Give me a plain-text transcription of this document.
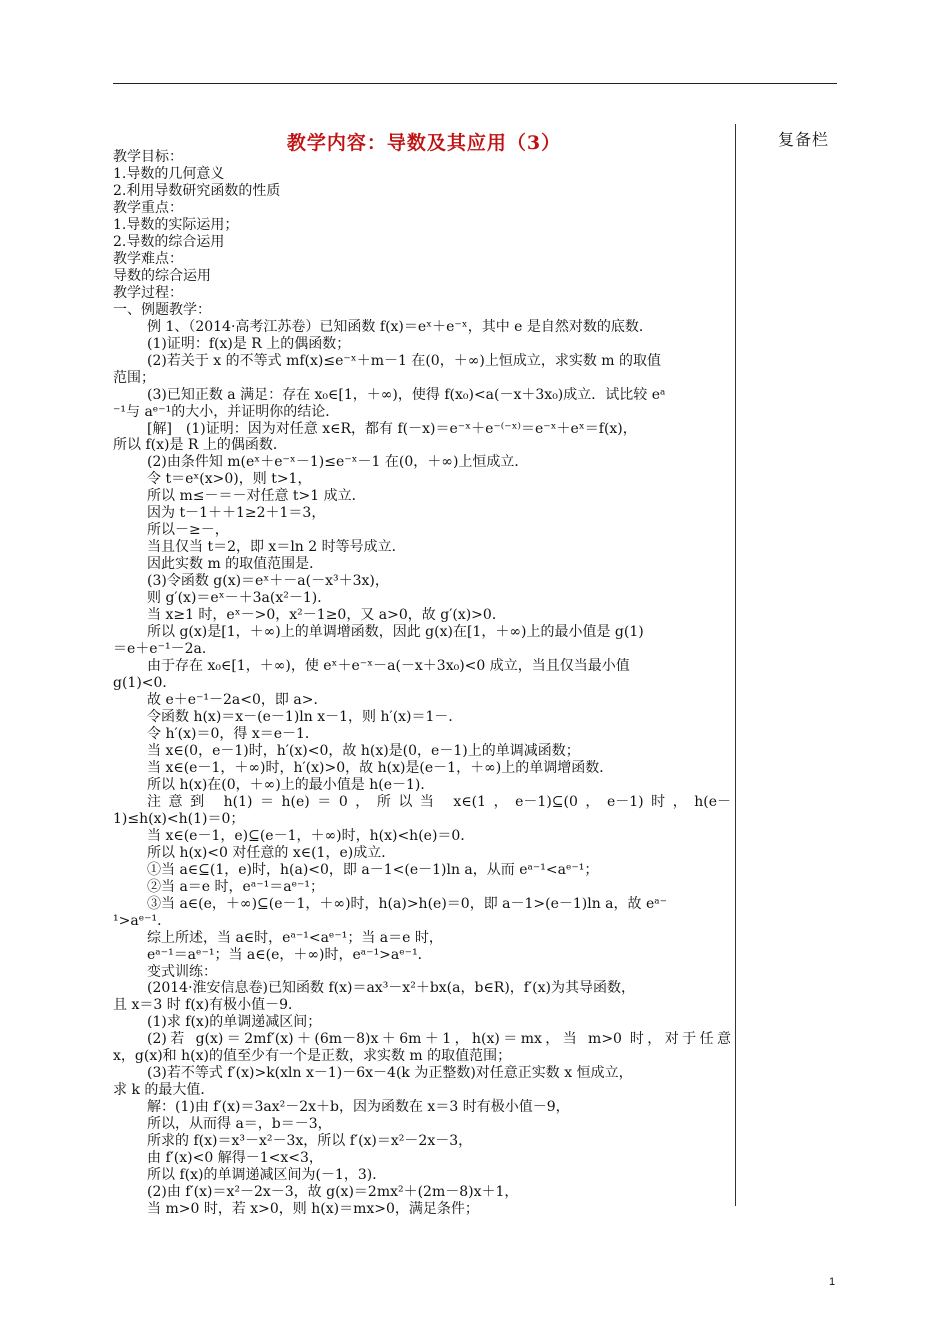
复备栏
教学内容：导数及其应用（3）
教学目标：
1.导数的几何意义
2.利用导数研究函数的性质
教学重点：
1.导数的实际运用；
2.导数的综合运用
教学难点：
导数的综合运用
教学过程：
一、例题教学：
例 1、（2014·高考江苏卷）已知函数 f(x)＝eˣ＋e⁻ˣ，其中 e 是自然对数的底数．
(1)证明：f(x)是 R 上的偶函数；
(2)若关于 x 的不等式 mf(x)≤e⁻ˣ＋m－1 在(0，＋∞)上恒成立，求实数 m 的取值
范围；
(3)已知正数 a 满足：存在 x₀∈[1，＋∞)，使得 f(x₀)<a(－x＋3x₀)成立．试比较 eᵃ
⁻¹与 aᵉ⁻¹的大小，并证明你的结论．
[解]　(1)证明：因为对任意 x∈R，都有 f(－x)＝e⁻ˣ＋e⁻⁽⁻ˣ⁾＝e⁻ˣ＋eˣ＝f(x)，
所以 f(x)是 R 上的偶函数．
(2)由条件知 m(eˣ＋e⁻ˣ－1)≤e⁻ˣ－1 在(0，＋∞)上恒成立．
令 t＝eˣ(x>0)，则 t>1，
所以 m≤－＝－对任意 t>1 成立．
因为 t－1＋＋1≥2＋1＝3，
所以－≥－，
当且仅当 t＝2，即 x＝ln 2 时等号成立．
因此实数 m 的取值范围是．
(3)令函数 g(x)＝eˣ＋－a(－x³＋3x)，
则 g′(x)＝eˣ－＋3a(x²－1)．
当 x≥1 时，eˣ－>0，x²－1≥0，又 a>0，故 g′(x)>0．
所以 g(x)是[1，＋∞)上的单调增函数，因此 g(x)在[1，＋∞)上的最小值是 g(1)
＝e＋e⁻¹－2a．
由于存在 x₀∈[1，＋∞)，使 eˣ＋e⁻ˣ－a(－x＋3x₀)<0 成立，当且仅当最小值
g(1)<0．
故 e＋e⁻¹－2a<0，即 a>．
令函数 h(x)＝x－(e－1)ln x－1，则 h′(x)＝1－．
令 h′(x)＝0，得 x＝e－1．
当 x∈(0，e－1)时，h′(x)<0，故 h(x)是(0，e－1)上的单调减函数；
当 x∈(e－1，＋∞)时，h′(x)>0，故 h(x)是(e－1，＋∞)上的单调增函数．
所以 h(x)在(0，＋∞)上的最小值是 h(e－1)．
注意到 h(1)＝h(e)＝0，所以当 x∈(1，e－1)⊆(0，e－1)时，h(e－
1)≤h(x)<h(1)＝0；
当 x∈(e－1，e)⊆(e－1，＋∞)时，h(x)<h(e)＝0．
所以 h(x)<0 对任意的 x∈(1，e)成立．
①当 a∈⊆(1，e)时，h(a)<0，即 a－1<(e－1)ln a，从而 eᵃ⁻¹<aᵉ⁻¹；
②当 a＝e 时，eᵃ⁻¹＝aᵉ⁻¹；
③当 a∈(e，＋∞)⊆(e－1，＋∞)时，h(a)>h(e)＝0，即 a－1>(e－1)ln a，故 eᵃ⁻
¹>aᵉ⁻¹．
综上所述，当 a∈时，eᵃ⁻¹<aᵉ⁻¹；当 a＝e 时，
eᵃ⁻¹＝aᵉ⁻¹；当 a∈(e，＋∞)时，eᵃ⁻¹>aᵉ⁻¹．
变式训练：
(2014·淮安信息卷)已知函数 f(x)＝ax³－x²＋bx(a，b∈R)，f′(x)为其导函数，
且 x＝3 时 f(x)有极小值－9．
(1)求 f(x)的单调递减区间；
(2)若 g(x)＝2mf′(x)＋(6m－8)x＋6m＋1，h(x)＝mx，当 m>0 时，对于任意
x，g(x)和 h(x)的值至少有一个是正数，求实数 m 的取值范围；
(3)若不等式 f′(x)>k(xln x－1)－6x－4(k 为正整数)对任意正实数 x 恒成立，
求 k 的最大值．
解：(1)由 f′(x)＝3ax²－2x＋b，因为函数在 x＝3 时有极小值－9，
所以，从而得 a＝，b＝－3，
所求的 f(x)＝x³－x²－3x，所以 f′(x)＝x²－2x－3，
由 f′(x)<0 解得－1<x<3，
所以 f(x)的单调递减区间为(－1，3)．
(2)由 f′(x)＝x²－2x－3，故 g(x)＝2mx²＋(2m－8)x＋1，
当 m>0 时，若 x>0，则 h(x)＝mx>0，满足条件；
1
